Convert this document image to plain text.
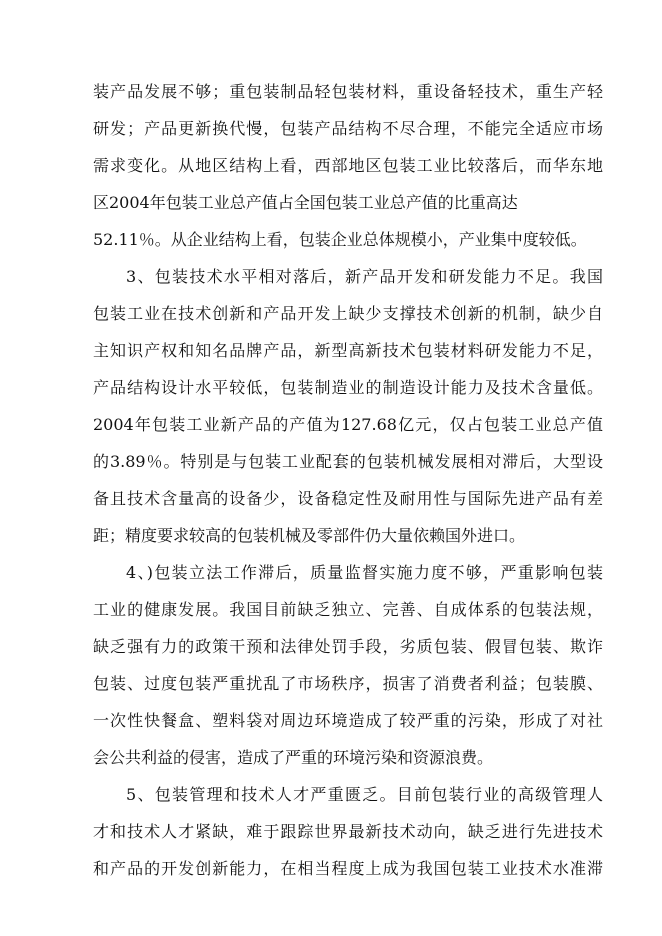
装产品发展不够；重包装制品轻包装材料，重设备轻技术，重生产轻
研发；产品更新换代慢，包装产品结构不尽合理，不能完全适应市场
需求变化。从地区结构上看，西部地区包装工业比较落后，而华东地
区2004年包装工业总产值占全国包装工业总产值的比重高达
52.11％。从企业结构上看，包装企业总体规模小，产业集中度较低。
3、包装技术水平相对落后，新产品开发和研发能力不足。我国
包装工业在技术创新和产品开发上缺少支撑技术创新的机制，缺少自
主知识产权和知名品牌产品，新型高新技术包装材料研发能力不足，
产品结构设计水平较低，包装制造业的制造设计能力及技术含量低。
2004年包装工业新产品的产值为127.68亿元，仅占包装工业总产值
的3.89％。特别是与包装工业配套的包装机械发展相对滞后，大型设
备且技术含量高的设备少，设备稳定性及耐用性与国际先进产品有差
距；精度要求较高的包装机械及零部件仍大量依赖国外进口。
4、)包装立法工作滞后，质量监督实施力度不够，严重影响包装
工业的健康发展。我国目前缺乏独立、完善、自成体系的包装法规，
缺乏强有力的政策干预和法律处罚手段，劣质包装、假冒包装、欺诈
包装、过度包装严重扰乱了市场秩序，损害了消费者利益；包装膜、
一次性快餐盒、塑料袋对周边环境造成了较严重的污染，形成了对社
会公共利益的侵害，造成了严重的环境污染和资源浪费。
5、包装管理和技术人才严重匮乏。目前包装行业的高级管理人
才和技术人才紧缺，难于跟踪世界最新技术动向，缺乏进行先进技术
和产品的开发创新能力，在相当程度上成为我国包装工业技术水准滞
